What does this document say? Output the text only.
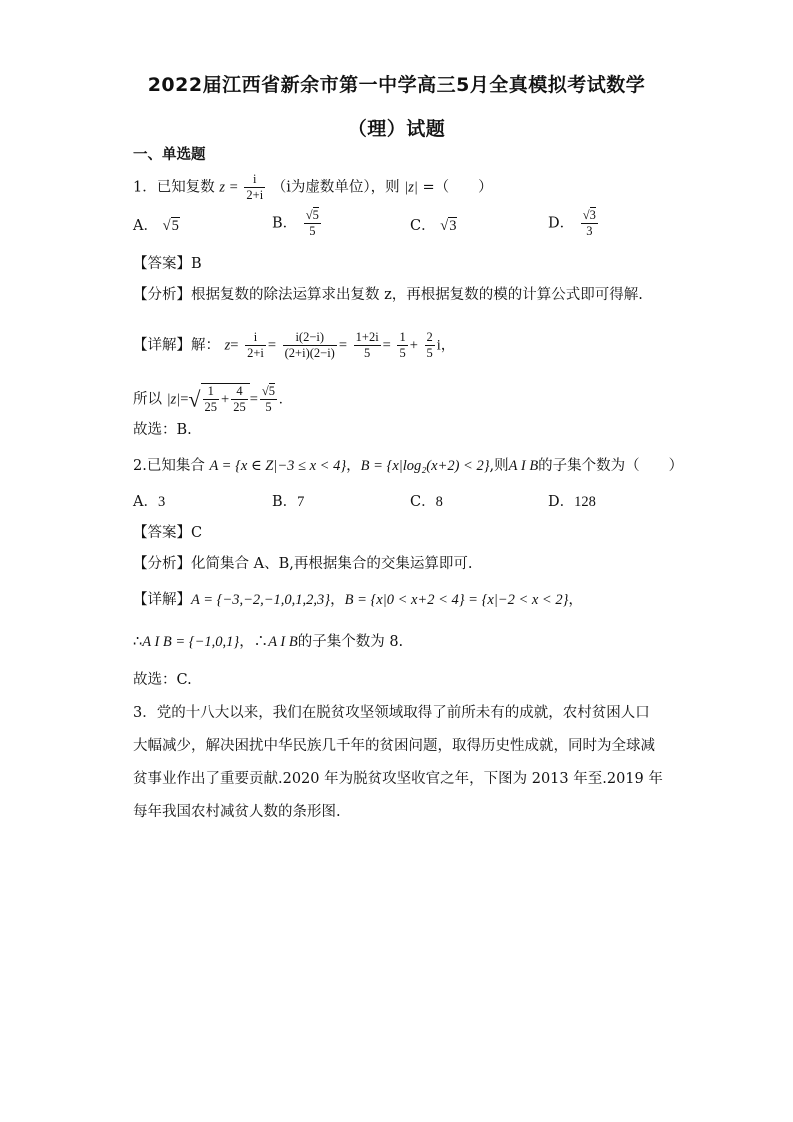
2022届江西省新余市第一中学高三5月全真模拟考试数学
（理）试题
一、单选题
1．已知复数 $z = \frac{i}{2+i} (i$为虚数单位），则 |z| =（　　）
A． √5	B． $\frac{√5}{5}$	C． √3	D． $\frac{√3}{3}$
【答案】B
【分析】根据复数的除法运算求出复数 z，再根据复数的模的计算公式即可得解.
【详解】解： $z= \frac{i}{2+i} = \frac{i(2-i)}{(2+i)(2-i)} = \frac{1+2i}{5} = \frac{1}{5} + \frac{2}{5}$ i，
所以 $|z|=√ \frac{1}{25} + \frac{4}{25} = \frac{√5}{5}$ .
故选：B.
2.已知集合 A = {x ∈ Z|−3 ≤ x < 4}，B = {x|log₂(x+2) < 2},则A I B的子集个数为（　　）
A．3	B．7	C．8	D．128
【答案】C
【分析】化简集合 A、B,再根据集合的交集运算即可.
【详解】A = {−3,−2,−1,0,1,2,3}，B = {x|0 < x+2 < 4} = {x|−2 < x < 2}，
∴A I B = {−1,0,1}，∴A I B的子集个数为 8.
故选：C.
3．党的十八大以来，我们在脱贫攻坚领域取得了前所未有的成就，农村贫困人口大幅减少，解决困扰中华民族几千年的贫困问题，取得历史性成就，同时为全球减贫事业作出了重要贡献.2020 年为脱贫攻坚收官之年，下图为 2013 年至.2019 年每年我国农村减贫人数的条形图.
